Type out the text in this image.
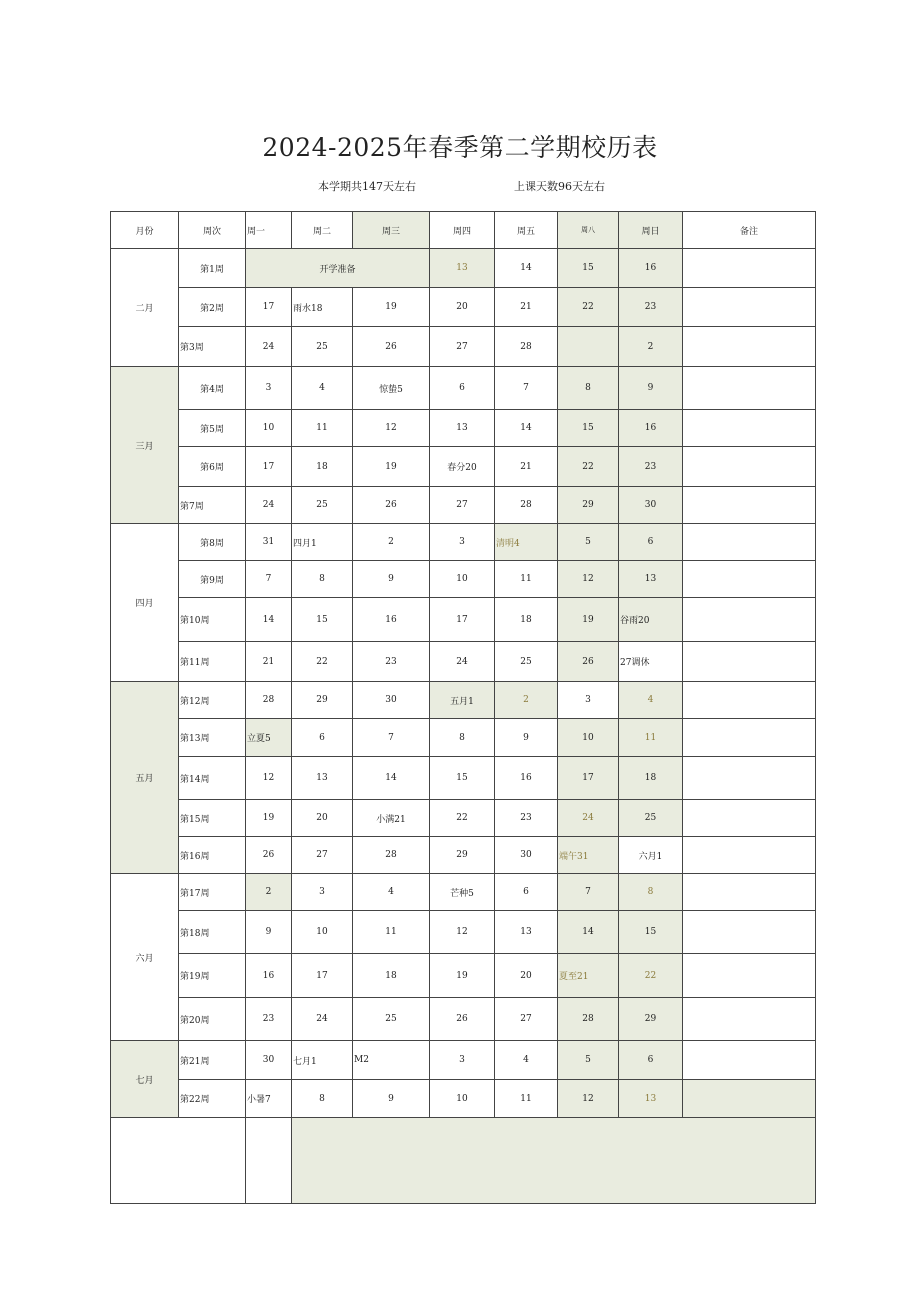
2024-2025年春季第二学期校历表
本学期共147天左右	上课天数96天左右
月份	周次	周一	周二	周三	周四	周五	周八	周日	备注
二月	第1周	开学准备			13	14	15	16	
	第2周	17	雨水18	19	20	21	22	23	
	第3周	24	25	26	27	28		2	
三月	第4周	3	4	惊蛰5	6	7	8	9	
	第5周	10	11	12	13	14	15	16	
	第6周	17	18	19	春分20	21	22	23	
	第7周	24	25	26	27	28	29	30	
四月	第8周	31	四月1	2	3	清明4	5	6	
	第9周	7	8	9	10	11	12	13	
	第10周	14	15	16	17	18	19	谷雨20	
	第11周	21	22	23	24	25	26	27调休	
五月	第12周	28	29	30	五月1	2	3	4	
	第13周	立夏5	6	7	8	9	10	11	
	第14周	12	13	14	15	16	17	18	
	第15周	19	20	小满21	22	23	24	25	
	第16周	26	27	28	29	30	端午31	六月1	
六月	第17周	2	3	4	芒种5	6	7	8	
	第18周	9	10	11	12	13	14	15	
	第19周	16	17	18	19	20	夏至21	22	
	第20周	23	24	25	26	27	28	29	
七月	第21周	30	七月1	M2	3	4	5	6	
	第22周	小暑7	8	9	10	11	12	13	
